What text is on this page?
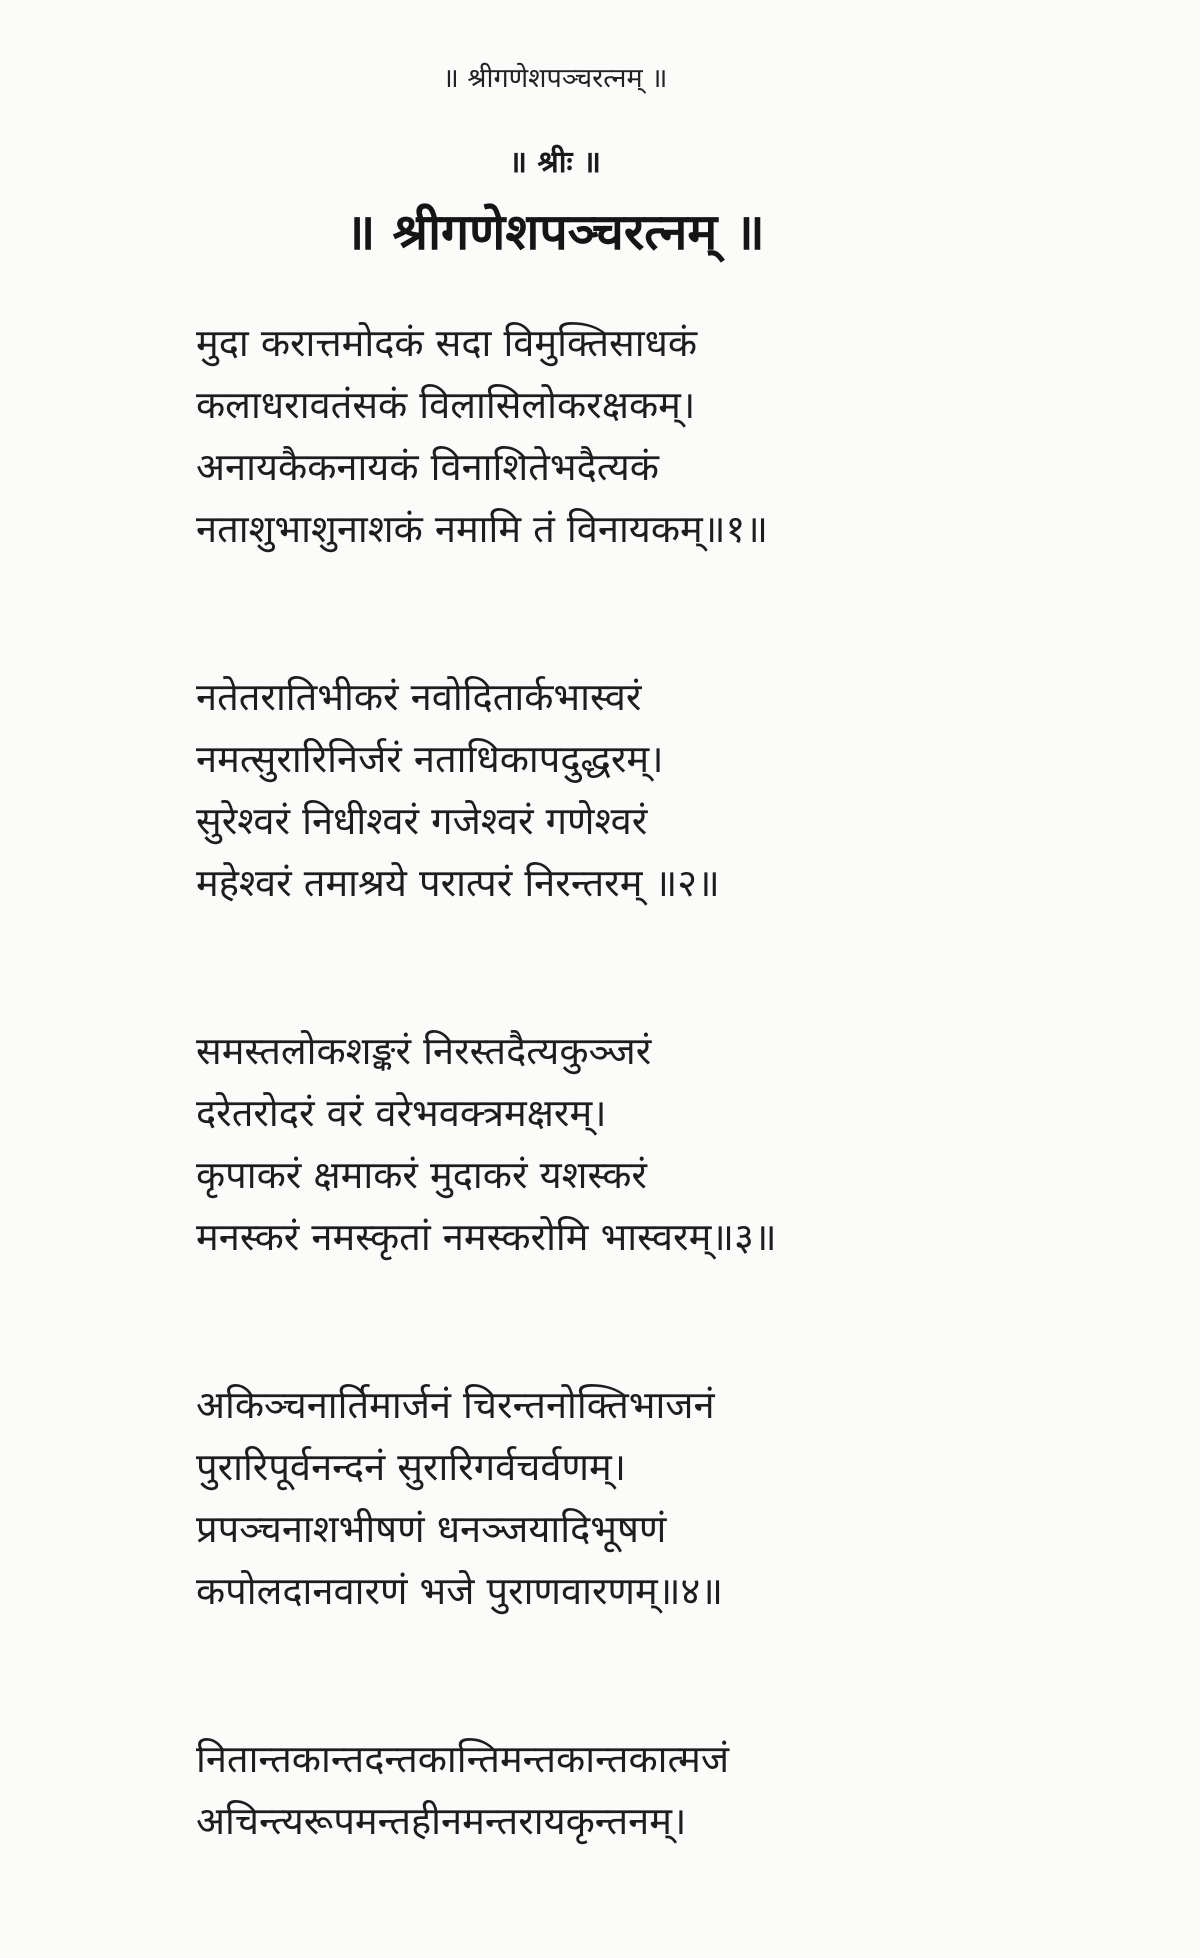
॥ श्रीगणेशपञ्चरत्नम् ॥
॥ श्रीः ॥
॥ श्रीगणेशपञ्चरत्नम् ॥
मुदा करात्तमोदकं सदा विमुक्तिसाधकं
कलाधरावतंसकं विलासिलोकरक्षकम्।
अनायकैकनायकं विनाशितेभदैत्यकं
नताशुभाशुनाशकं नमामि तं विनायकम्॥१॥
नतेतरातिभीकरं नवोदितार्कभास्वरं
नमत्सुरारिनिर्जरं नताधिकापदुद्धरम्।
सुरेश्वरं निधीश्वरं गजेश्वरं गणेश्वरं
महेश्वरं तमाश्रये परात्परं निरन्तरम् ॥२॥
समस्तलोकशङ्करं निरस्तदैत्यकुञ्जरं
दरेतरोदरं वरं वरेभवक्त्रमक्षरम्।
कृपाकरं क्षमाकरं मुदाकरं यशस्करं
मनस्करं नमस्कृतां नमस्करोमि भास्वरम्॥३॥
अकिञ्चनार्तिमार्जनं चिरन्तनोक्तिभाजनं
पुरारिपूर्वनन्दनं सुरारिगर्वचर्वणम्।
प्रपञ्चनाशभीषणं धनञ्जयादिभूषणं
कपोलदानवारणं भजे पुराणवारणम्॥४॥
नितान्तकान्तदन्तकान्तिमन्तकान्तकात्मजं
अचिन्त्यरूपमन्तहीनमन्तरायकृन्तनम्।
